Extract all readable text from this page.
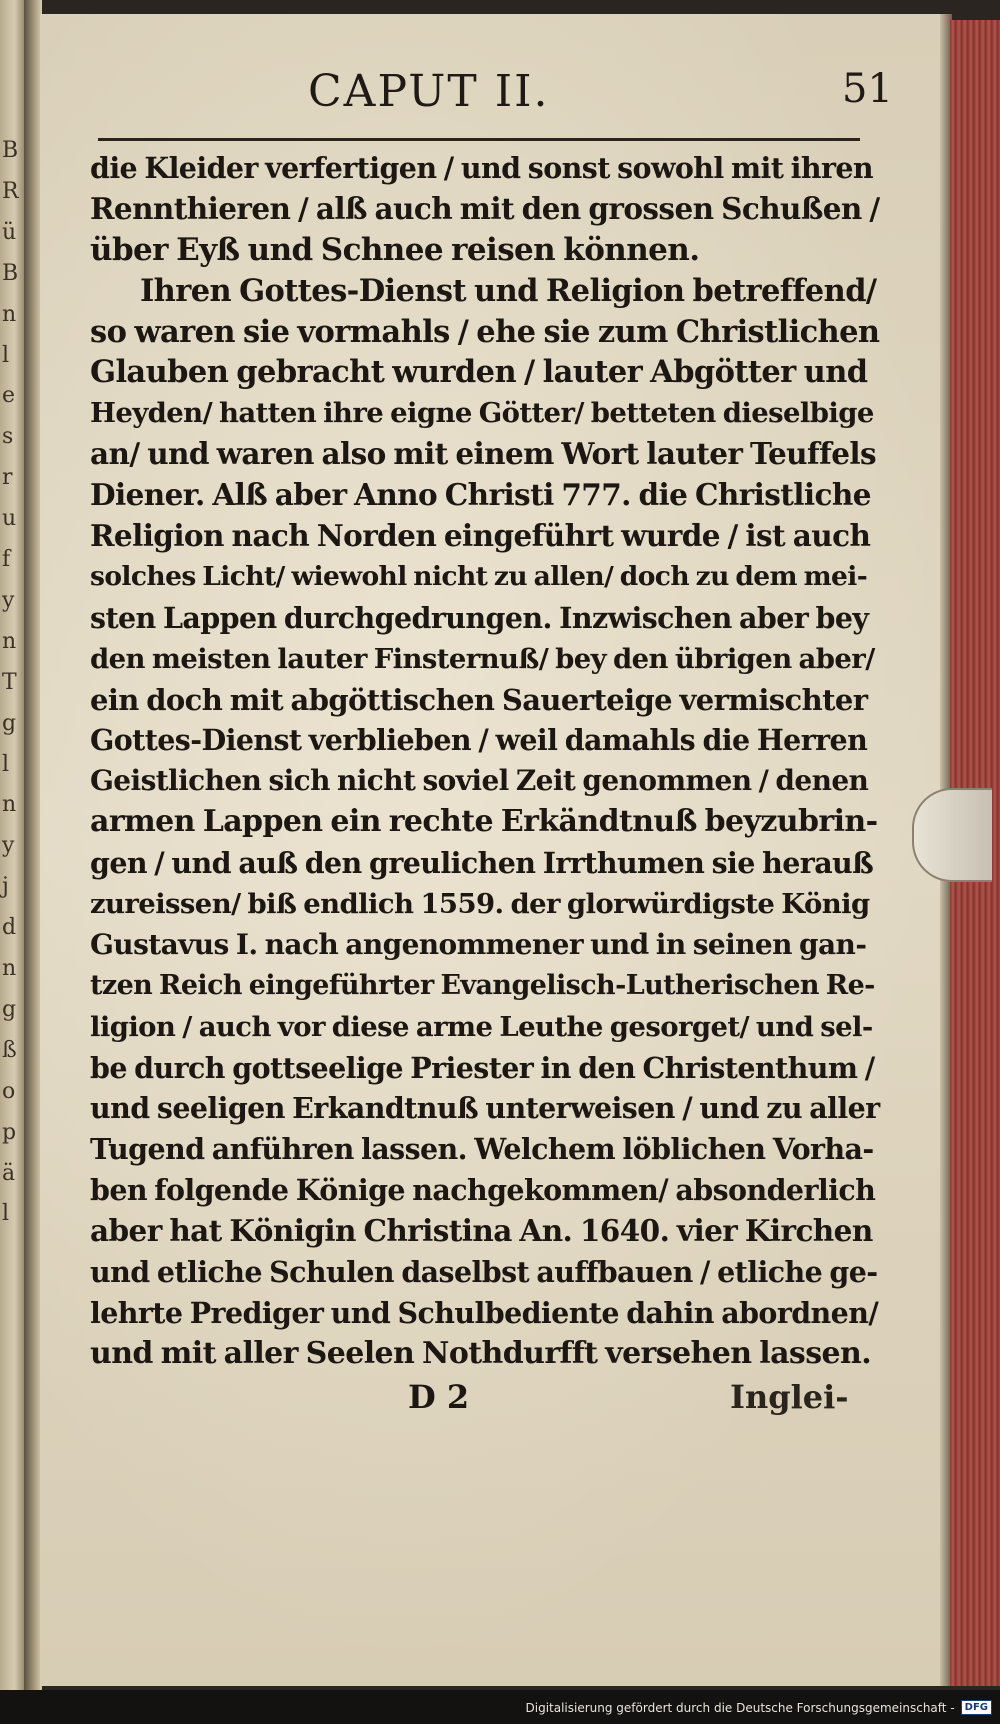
B
R
ü
B
n
l
e
s
r
u
f
y
n
T
g
l
n
y
j
d
n
g
ß
o
p
ä
l
CAPUT II.	51
die Kleider verfertigen / und sonst sowohl mit ihren
Rennthieren / alß auch mit den grossen Schußen /
über Eyß und Schnee reisen können.
Ihren Gottes-Dienst und Religion betreffend/
so waren sie vormahls / ehe sie zum Christlichen
Glauben gebracht wurden / lauter Abgötter und
Heyden/ hatten ihre eigne Götter/ betteten dieselbige
an/ und waren also mit einem Wort lauter Teuffels
Diener. Alß aber Anno Christi 777. die Christliche
Religion nach Norden eingeführt wurde / ist auch
solches Licht/ wiewohl nicht zu allen/ doch zu dem mei-
sten Lappen durchgedrungen. Inzwischen aber bey
den meisten lauter Finsternuß/ bey den übrigen aber/
ein doch mit abgöttischen Sauerteige vermischter
Gottes-Dienst verblieben / weil damahls die Herren
Geistlichen sich nicht soviel Zeit genommen / denen
armen Lappen ein rechte Erkändtnuß beyzubrin-
gen / und auß den greulichen Irrthumen sie herauß
zureissen/ biß endlich 1559. der glorwürdigste König
Gustavus I. nach angenommener und in seinen gan-
tzen Reich eingeführter Evangelisch-Lutherischen Re-
ligion / auch vor diese arme Leuthe gesorget/ und sel-
be durch gottseelige Priester in den Christenthum /
und seeligen Erkandtnuß unterweisen / und zu aller
Tugend anführen lassen. Welchem löblichen Vorha-
ben folgende Könige nachgekommen/ absonderlich
aber hat Königin Christina An. 1640. vier Kirchen
und etliche Schulen daselbst auffbauen / etliche ge-
lehrte Prediger und Schulbediente dahin abordnen/
und mit aller Seelen Nothdurfft versehen lassen.
D 2	Inglei-
Digitalisierung gefördert durch die Deutsche Forschungsgemeinschaft -	DFG
